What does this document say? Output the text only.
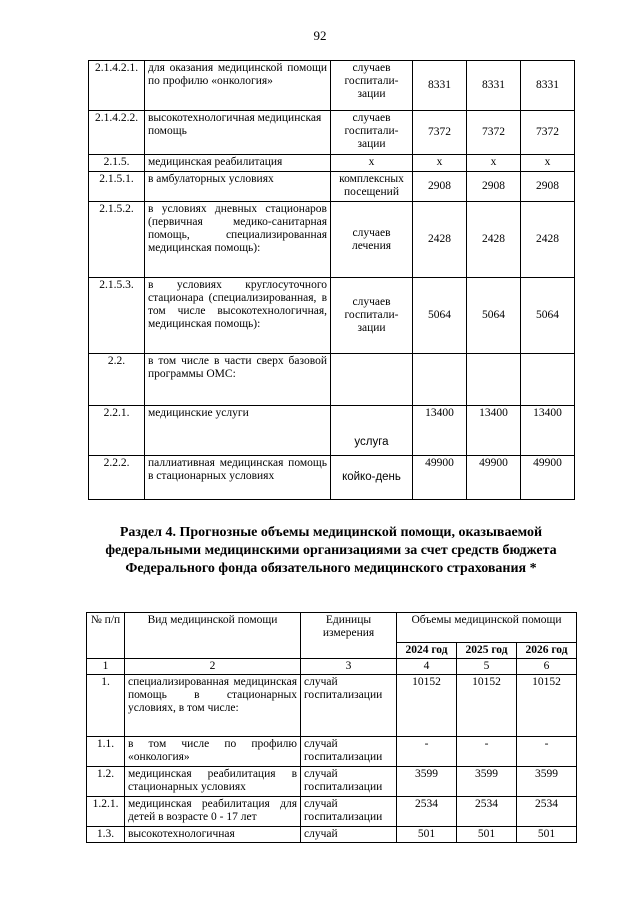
92
2.1.4.2.1.	для оказания медицинской помощи по профилю «онкология»	случаев госпитали-зации	8331	8331	8331
2.1.4.2.2.	высокотехнологичная медицинская помощь	случаев госпитали-зации	7372	7372	7372
2.1.5.	медицинская реабилитация	х	х	х	х
2.1.5.1.	в амбулаторных условиях	комплексных посещений	2908	2908	2908
2.1.5.2.	в условиях дневных стационаров (первичная медико-санитарная помощь, специализированная медицинская помощь):	случаев лечения	2428	2428	2428
2.1.5.3.	в условиях круглосуточного стационара (специализированная, в том числе высокотехнологичная, медицинская помощь):	случаев госпитали-зации	5064	5064	5064
2.2.	в том числе в части сверх базовой программы ОМС:				
2.2.1.	медицинские услуги	услуга	13400	13400	13400
2.2.2.	паллиативная медицинская помощь в стационарных условиях	койко-день	49900	49900	49900
Раздел 4. Прогнозные объемы медицинской помощи, оказываемой федеральными медицинскими организациями за счет средств бюджета Федерального фонда обязательного медицинского страхования *
№ п/п	Вид медицинской помощи	Единицы измерения	Объемы медицинской помощи		
			2024 год	2025 год	2026 год
1	2	3	4	5	6
1.	специализированная медицинская помощь в стационарных условиях, в том числе:	случай госпитализации	10152	10152	10152
1.1.	в том числе по профилю «онкология»	случай госпитализации	-	-	-
1.2.	медицинская реабилитация в стационарных условиях	случай госпитализации	3599	3599	3599
1.2.1.	медицинская реабилитация для детей в возрасте 0 - 17 лет	случай госпитализации	2534	2534	2534
1.3.	высокотехнологичная	случай	501	501	501
